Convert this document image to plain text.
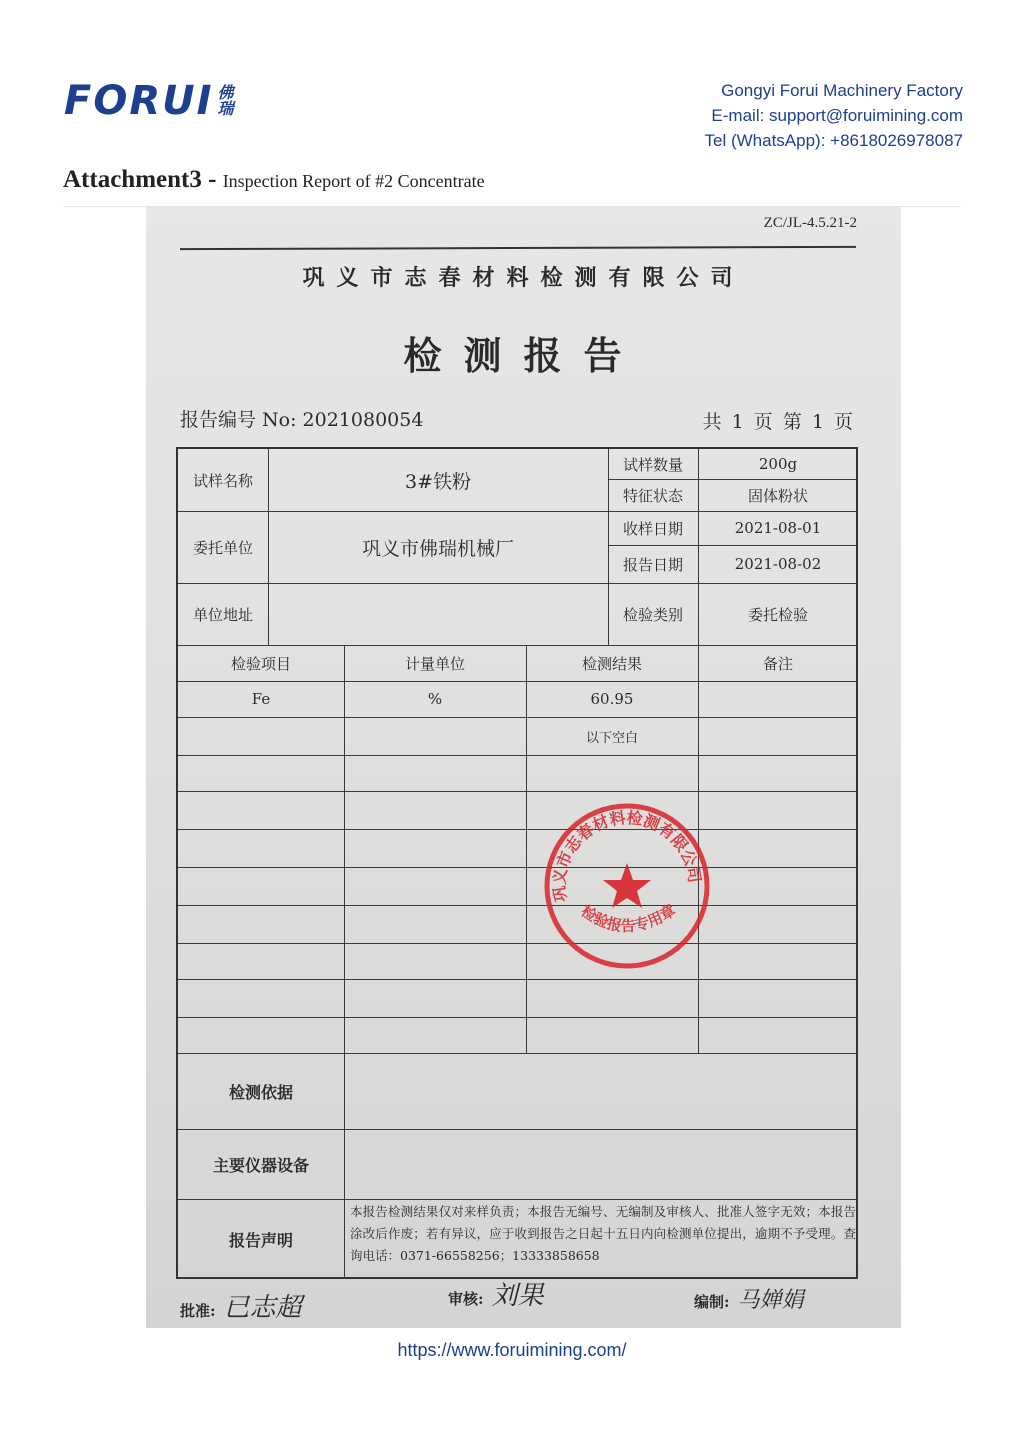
FORUI 佛
瑞
Gongyi Forui Machinery Factory
E-mail: support@foruimining.com
Tel (WhatsApp): +8618026978087
Attachment3 - Inspection Report of #2 Concentrate
ZC/JL-4.5.21-2
巩义市志春材料检测有限公司
检测报告
报告编号 No: 2021080054	共 1 页 第 1 页
试样名称	3#铁粉
委托单位	巩义市佛瑞机械厂
单位地址
试样数量	200g
特征状态	固体粉状
收样日期	2021-08-01
报告日期	2021-08-02
检验类别	委托检验
检验项目	计量单位	检测结果	备注
Fe	%	60.95
以下空白
检测依据
主要仪器设备
报告声明
本报告检测结果仅对来样负责；本报告无编号、无编制及审核人、批准人签字无效；本报告涂改后作废；若有异议，应于收到报告之日起十五日内向检测单位提出，逾期不予受理。查询电话：0371-66558256；13333858658
巩义市志春材料检测有限公司
检验报告专用章
批准: 已志超	审核: 刘果	编制: 马婵娟
https://www.foruimining.com/
